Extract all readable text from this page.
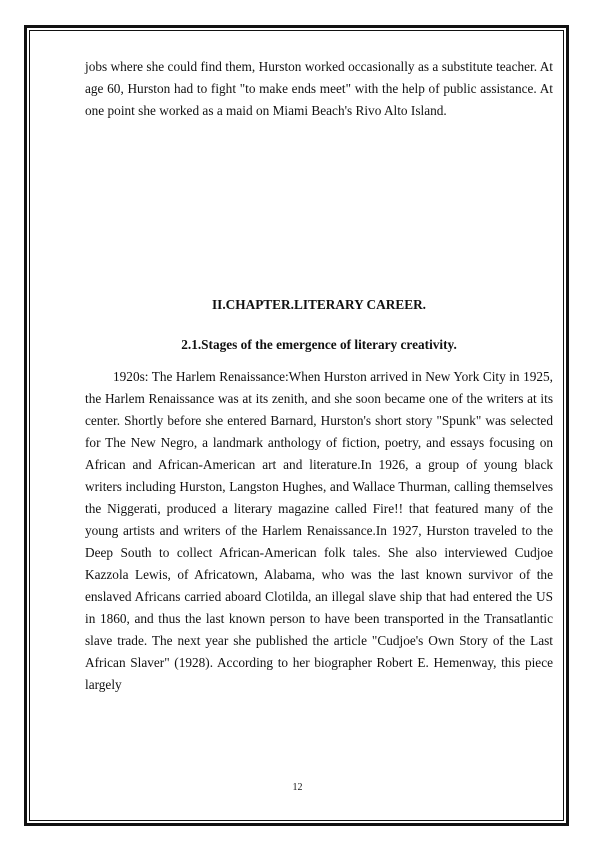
jobs where she could find them, Hurston worked occasionally as a substitute teacher. At age 60, Hurston had to fight "to make ends meet" with the help of public assistance. At one point she worked as a maid on Miami Beach's Rivo Alto Island.

II.CHAPTER.LITERARY CAREER.

2.1.Stages of the emergence of literary creativity.

1920s: The Harlem Renaissance:When Hurston arrived in New York City in 1925, the Harlem Renaissance was at its zenith, and she soon became one of the writers at its center. Shortly before she entered Barnard, Hurston's short story "Spunk" was selected for The New Negro, a landmark anthology of fiction, poetry, and essays focusing on African and African-American art and literature.In 1926, a group of young black writers including Hurston, Langston Hughes, and Wallace Thurman, calling themselves the Niggerati, produced a literary magazine called Fire!! that featured many of the young artists and writers of the Harlem Renaissance.In 1927, Hurston traveled to the Deep South to collect African-American folk tales. She also interviewed Cudjoe Kazzola Lewis, of Africatown, Alabama, who was the last known survivor of the enslaved Africans carried aboard Clotilda, an illegal slave ship that had entered the US in 1860, and thus the last known person to have been transported in the Transatlantic slave trade. The next year she published the article "Cudjoe's Own Story of the Last African Slaver" (1928). According to her biographer Robert E. Hemenway, this piece largely

12
